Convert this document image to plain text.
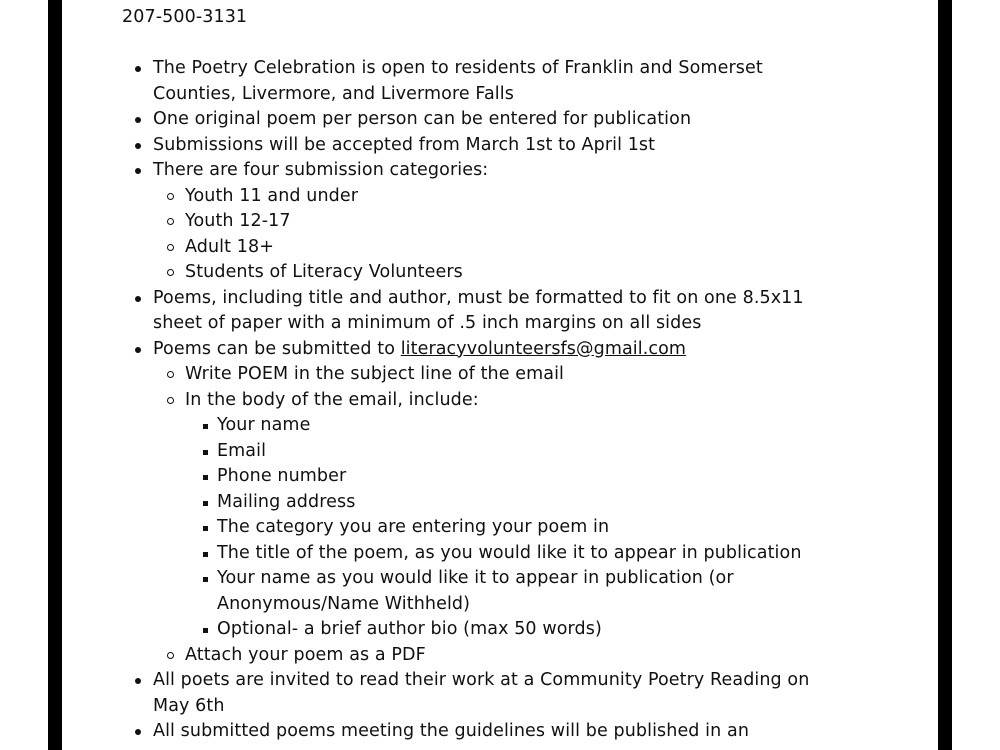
207-500-3131
The Poetry Celebration is open to residents of Franklin and Somerset
Counties, Livermore, and Livermore Falls
One original poem per person can be entered for publication
Submissions will be accepted from March 1st to April 1st
There are four submission categories:
Youth 11 and under
Youth 12-17
Adult 18+
Students of Literacy Volunteers
Poems, including title and author, must be formatted to fit on one 8.5x11
sheet of paper with a minimum of .5 inch margins on all sides
Poems can be submitted to literacyvolunteersfs@gmail.com
Write POEM in the subject line of the email
In the body of the email, include:
Your name
Email
Phone number
Mailing address
The category you are entering your poem in
The title of the poem, as you would like it to appear in publication
Your name as you would like it to appear in publication (or
Anonymous/Name Withheld)
Optional- a brief author bio (max 50 words)
Attach your poem as a PDF
All poets are invited to read their work at a Community Poetry Reading on
May 6th
All submitted poems meeting the guidelines will be published in an
